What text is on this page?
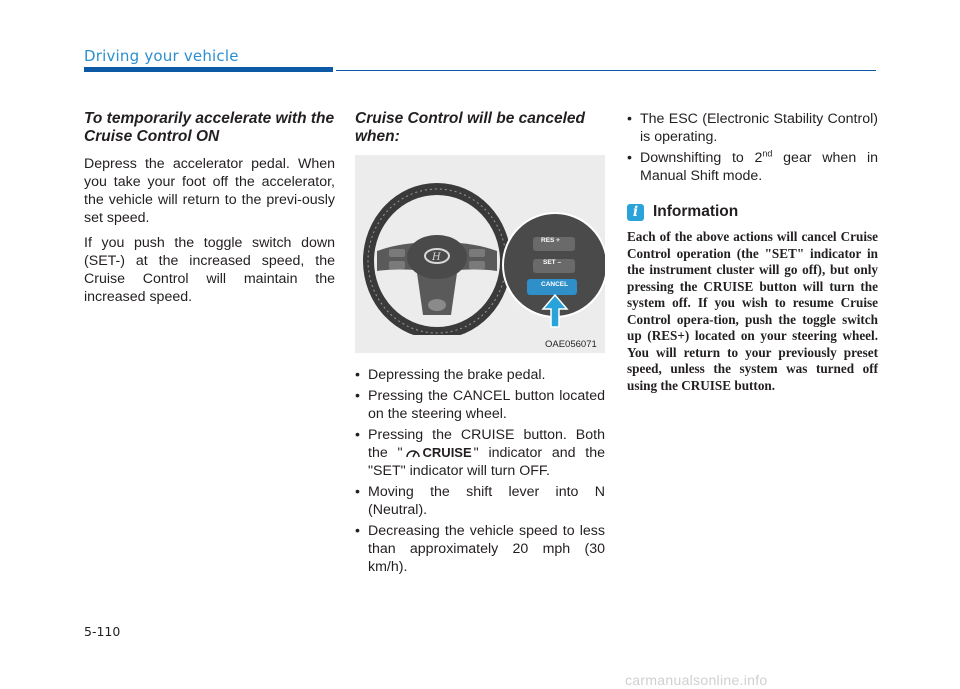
Driving your vehicle
To temporarily accelerate with the Cruise Control ON

Depress the accelerator pedal. When you take your foot off the accelerator, the vehicle will return to the previ-ously set speed.

If you push the toggle switch down (SET-) at the increased speed, the Cruise Control will maintain the increased speed.

Cruise Control will be canceled when:
H
RES +
SET –
CANCEL
OAE056071
• Depressing the brake pedal.
• Pressing the CANCEL button located on the steering wheel.
• Pressing the CRUISE button. Both the " CRUISE " indicator and the "SET" indicator will turn OFF.
• Moving the shift lever into N (Neutral).
• Decreasing the vehicle speed to less than approximately 20 mph (30 km/h).
• The ESC (Electronic Stability Control) is operating.
• Downshifting to 2nd gear when in Manual Shift mode.
i Information

Each of the above actions will cancel Cruise Control operation (the "SET" indicator in the instrument cluster will go off), but only pressing the CRUISE button will turn the system off. If you wish to resume Cruise Control opera-tion, push the toggle switch up (RES+) located on your steering wheel. You will return to your previously preset speed, unless the system was turned off using the CRUISE button.

5-110
carmanualsonline.info
